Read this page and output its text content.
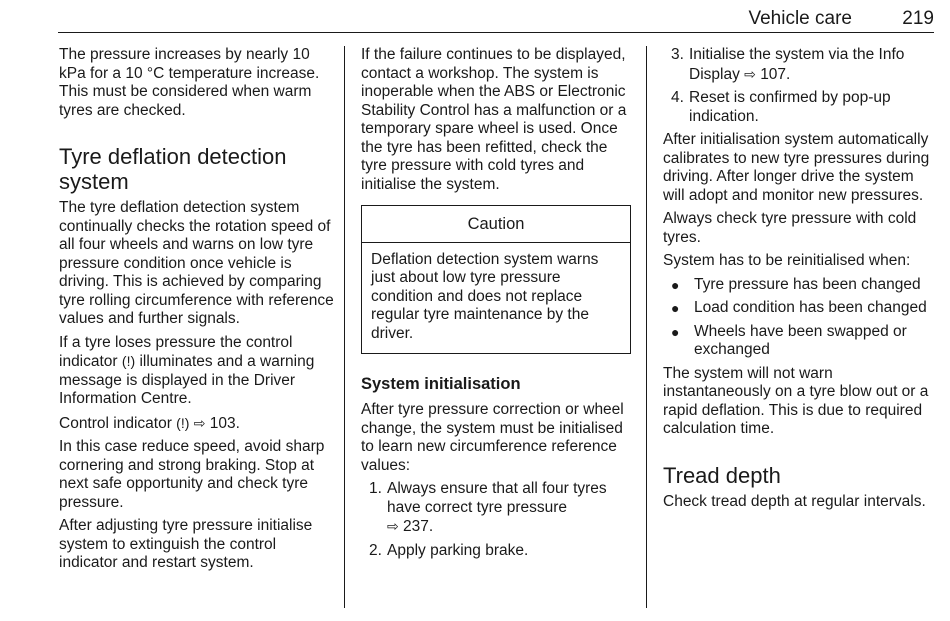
Vehicle care	219

The pressure increases by nearly 10 kPa for a 10 °C temperature increase. This must be considered when warm tyres are checked.

Tyre deflation detection system

The tyre deflation detection system continually checks the rotation speed of all four wheels and warns on low tyre pressure condition once vehicle is driving. This is achieved by comparing tyre rolling circumference with reference values and further signals.

If a tyre loses pressure the control indicator (!) illuminates and a warning message is displayed in the Driver Information Centre.

Control indicator (!) ⇨ 103.

In this case reduce speed, avoid sharp cornering and strong braking. Stop at next safe opportunity and check tyre pressure.

After adjusting tyre pressure initialise system to extinguish the control indicator and restart system.

If the failure continues to be displayed, contact a workshop. The system is inoperable when the ABS or Electronic Stability Control has a malfunction or a temporary spare wheel is used. Once the tyre has been refitted, check the tyre pressure with cold tyres and initialise the system.

Caution
Deflation detection system warns just about low tyre pressure condition and does not replace regular tyre maintenance by the driver.
System initialisation

After tyre pressure correction or wheel change, the system must be initialised to learn new circumference reference values:

1. Always ensure that all four tyres have correct tyre pressure
⇨ 237.
2. Apply parking brake.
3. Initialise the system via the Info Display ⇨ 107.
4. Reset is confirmed by pop-up indication.

After initialisation system automatically calibrates to new tyre pressures during driving. After longer drive the system will adopt and monitor new pressures.

Always check tyre pressure with cold tyres.

System has to be reinitialised when:

● Tyre pressure has been changed
● Load condition has been changed
● Wheels have been swapped or exchanged

The system will not warn instantaneously on a tyre blow out or a rapid deflation. This is due to required calculation time.

Tread depth

Check tread depth at regular intervals.
